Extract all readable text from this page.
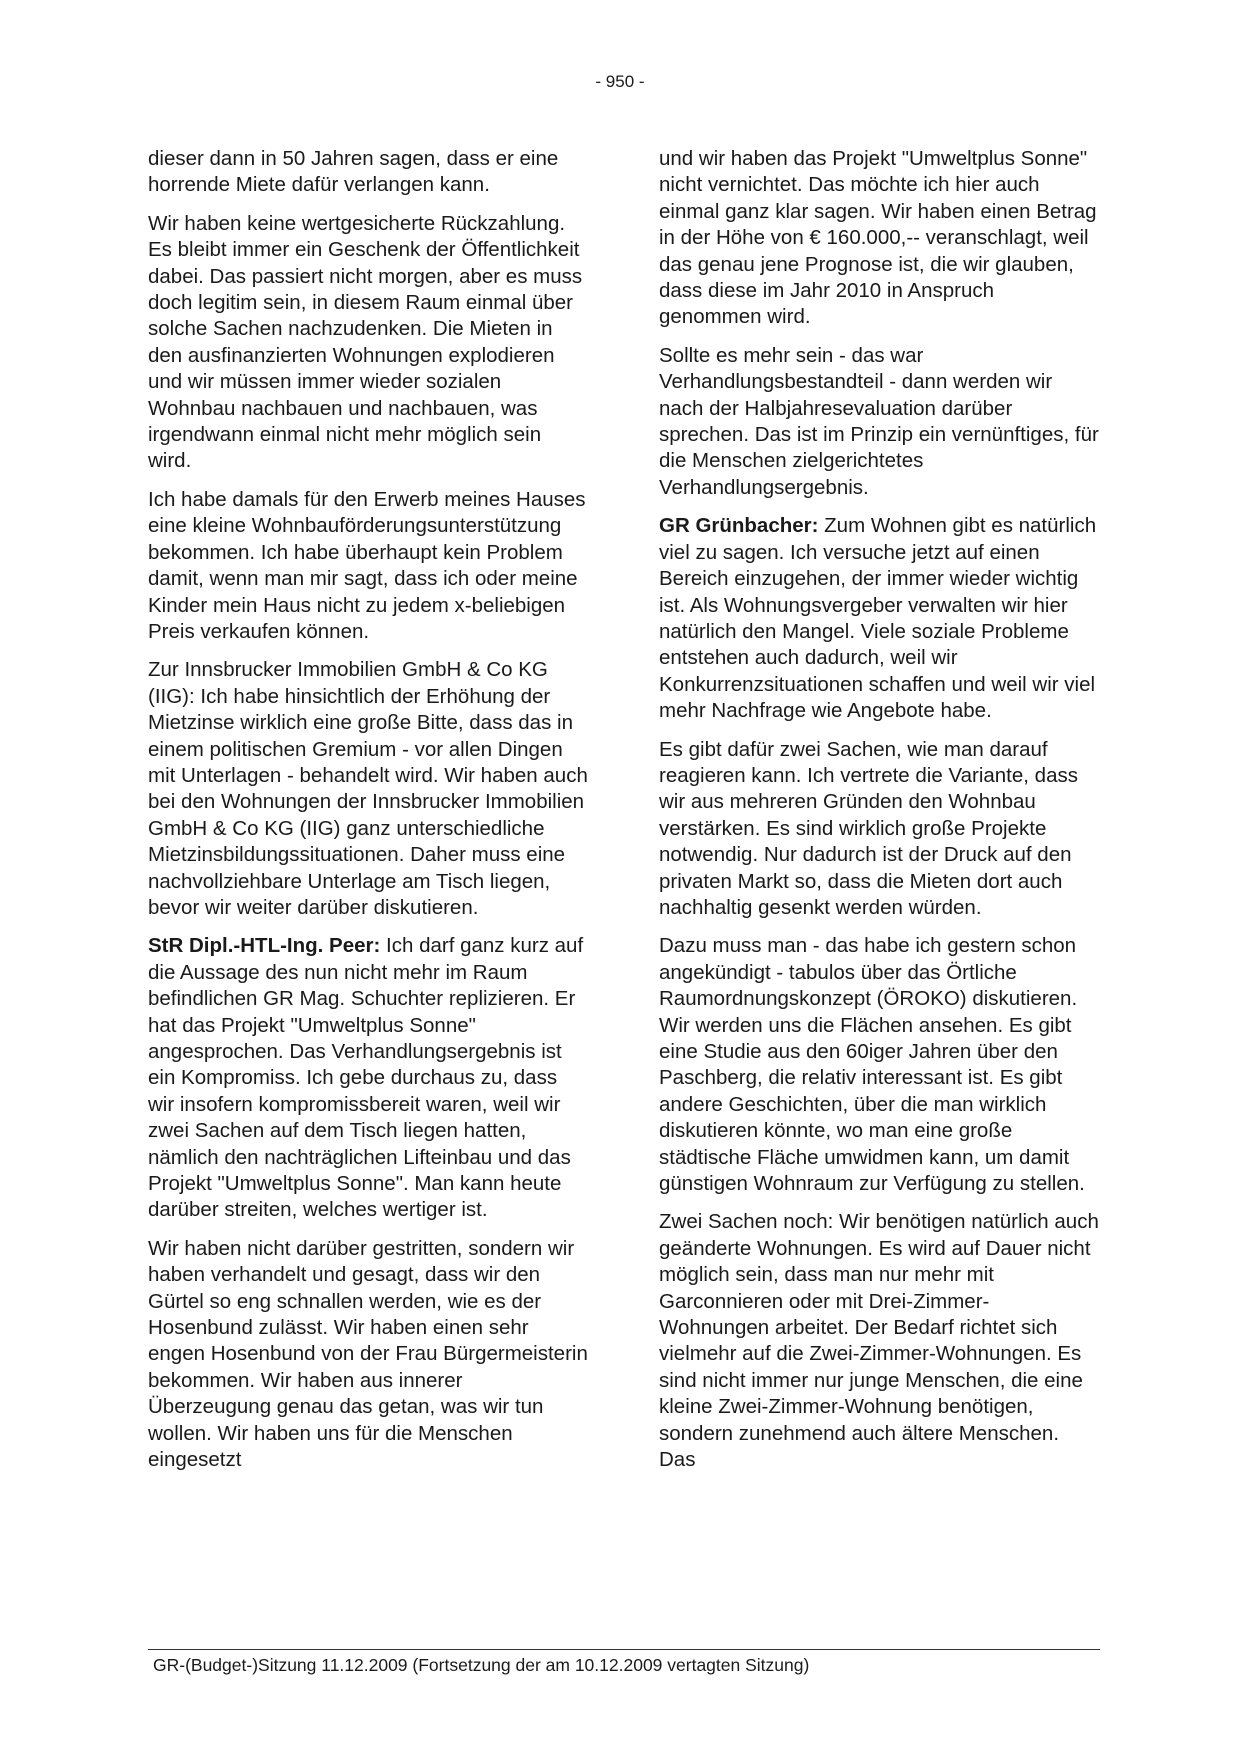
- 950 -

dieser dann in 50 Jahren sagen, dass er eine horrende Miete dafür verlangen kann.

Wir haben keine wertgesicherte Rückzahlung. Es bleibt immer ein Geschenk der Öffentlichkeit dabei. Das passiert nicht morgen, aber es muss doch legitim sein, in diesem Raum einmal über solche Sachen nachzudenken. Die Mieten in den ausfinanzierten Wohnungen explodieren und wir müssen immer wieder sozialen Wohnbau nachbauen und nachbauen, was irgendwann einmal nicht mehr möglich sein wird.

Ich habe damals für den Erwerb meines Hauses eine kleine Wohnbauförderungsunterstützung bekommen. Ich habe überhaupt kein Problem damit, wenn man mir sagt, dass ich oder meine Kinder mein Haus nicht zu jedem x-beliebigen Preis verkaufen können.

Zur Innsbrucker Immobilien GmbH & Co KG (IIG): Ich habe hinsichtlich der Erhöhung der Mietzinse wirklich eine große Bitte, dass das in einem politischen Gremium - vor allen Dingen mit Unterlagen - behandelt wird. Wir haben auch bei den Wohnungen der Innsbrucker Immobilien GmbH & Co KG (IIG) ganz unterschiedliche Mietzinsbildungssituationen. Daher muss eine nachvollziehbare Unterlage am Tisch liegen, bevor wir weiter darüber diskutieren.

StR Dipl.-HTL-Ing. Peer: Ich darf ganz kurz auf die Aussage des nun nicht mehr im Raum befindlichen GR Mag. Schuchter replizieren. Er hat das Projekt "Umweltplus Sonne" angesprochen. Das Verhandlungsergebnis ist ein Kompromiss. Ich gebe durchaus zu, dass wir insofern kompromissbereit waren, weil wir zwei Sachen auf dem Tisch liegen hatten, nämlich den nachträglichen Lifteinbau und das Projekt "Umweltplus Sonne". Man kann heute darüber streiten, welches wertiger ist.

Wir haben nicht darüber gestritten, sondern wir haben verhandelt und gesagt, dass wir den Gürtel so eng schnallen werden, wie es der Hosenbund zulässt. Wir haben einen sehr engen Hosenbund von der Frau Bürgermeisterin bekommen. Wir haben aus innerer Überzeugung genau das getan, was wir tun wollen. Wir haben uns für die Menschen eingesetzt

und wir haben das Projekt "Umweltplus Sonne" nicht vernichtet. Das möchte ich hier auch einmal ganz klar sagen. Wir haben einen Betrag in der Höhe von € 160.000,-- veranschlagt, weil das genau jene Prognose ist, die wir glauben, dass diese im Jahr 2010 in Anspruch genommen wird.

Sollte es mehr sein - das war Verhandlungsbestandteil - dann werden wir nach der Halbjahresevaluation darüber sprechen. Das ist im Prinzip ein vernünftiges, für die Menschen zielgerichtetes Verhandlungsergebnis.

GR Grünbacher: Zum Wohnen gibt es natürlich viel zu sagen. Ich versuche jetzt auf einen Bereich einzugehen, der immer wieder wichtig ist. Als Wohnungsvergeber verwalten wir hier natürlich den Mangel. Viele soziale Probleme entstehen auch dadurch, weil wir Konkurrenzsituationen schaffen und weil wir viel mehr Nachfrage wie Angebote habe.

Es gibt dafür zwei Sachen, wie man darauf reagieren kann. Ich vertrete die Variante, dass wir aus mehreren Gründen den Wohnbau verstärken. Es sind wirklich große Projekte notwendig. Nur dadurch ist der Druck auf den privaten Markt so, dass die Mieten dort auch nachhaltig gesenkt werden würden.

Dazu muss man - das habe ich gestern schon angekündigt - tabulos über das Örtliche Raumordnungskonzept (ÖROKO) diskutieren. Wir werden uns die Flächen ansehen. Es gibt eine Studie aus den 60iger Jahren über den Paschberg, die relativ interessant ist. Es gibt andere Geschichten, über die man wirklich diskutieren könnte, wo man eine große städtische Fläche umwidmen kann, um damit günstigen Wohnraum zur Verfügung zu stellen.

Zwei Sachen noch: Wir benötigen natürlich auch geänderte Wohnungen. Es wird auf Dauer nicht möglich sein, dass man nur mehr mit Garconnieren oder mit Drei-Zimmer-Wohnungen arbeitet. Der Bedarf richtet sich vielmehr auf die Zwei-Zimmer-Wohnungen. Es sind nicht immer nur junge Menschen, die eine kleine Zwei-Zimmer-Wohnung benötigen, sondern zunehmend auch ältere Menschen. Das

GR-(Budget-)Sitzung 11.12.2009 (Fortsetzung der am 10.12.2009 vertagten Sitzung)
